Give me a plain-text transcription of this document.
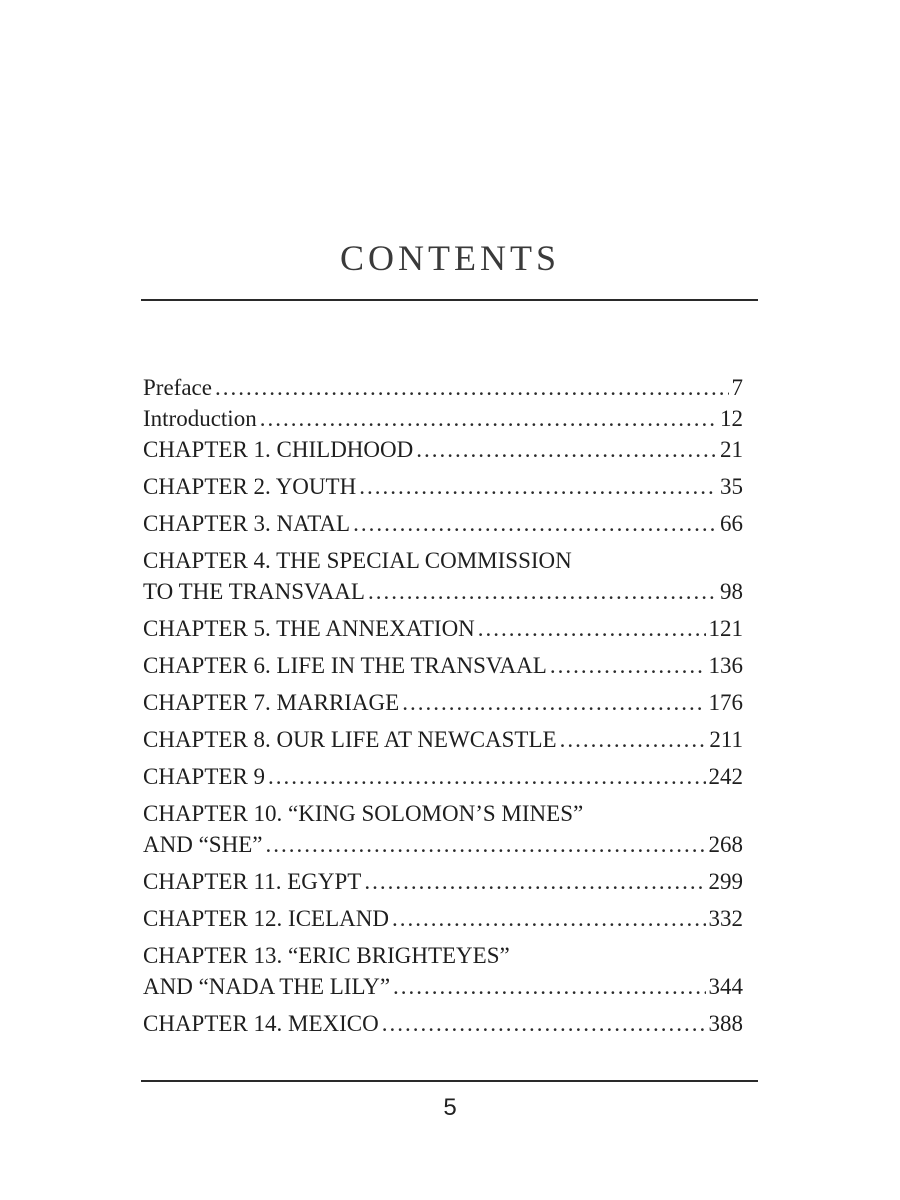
CONTENTS
Preface .....	7
Introduction .....	12
CHAPTER 1. CHILDHOOD .....	21
CHAPTER 2. YOUTH .....	35
CHAPTER 3. NATAL .....	66
CHAPTER 4. THE SPECIAL COMMISSION
TO THE TRANSVAAL .....	98
CHAPTER 5. THE ANNEXATION .....	121
CHAPTER 6. LIFE IN THE TRANSVAAL .....	136
CHAPTER 7. MARRIAGE .....	176
CHAPTER 8. OUR LIFE AT NEWCASTLE .....	211
CHAPTER 9 .....	242
CHAPTER 10. “KING SOLOMON’S MINES”
AND “SHE” .....	268
CHAPTER 11. EGYPT .....	299
CHAPTER 12. ICELAND .....	332
CHAPTER 13. “ERIC BRIGHTEYES”
AND “NADA THE LILY” .....	344
CHAPTER 14. MEXICO .....	388
5
